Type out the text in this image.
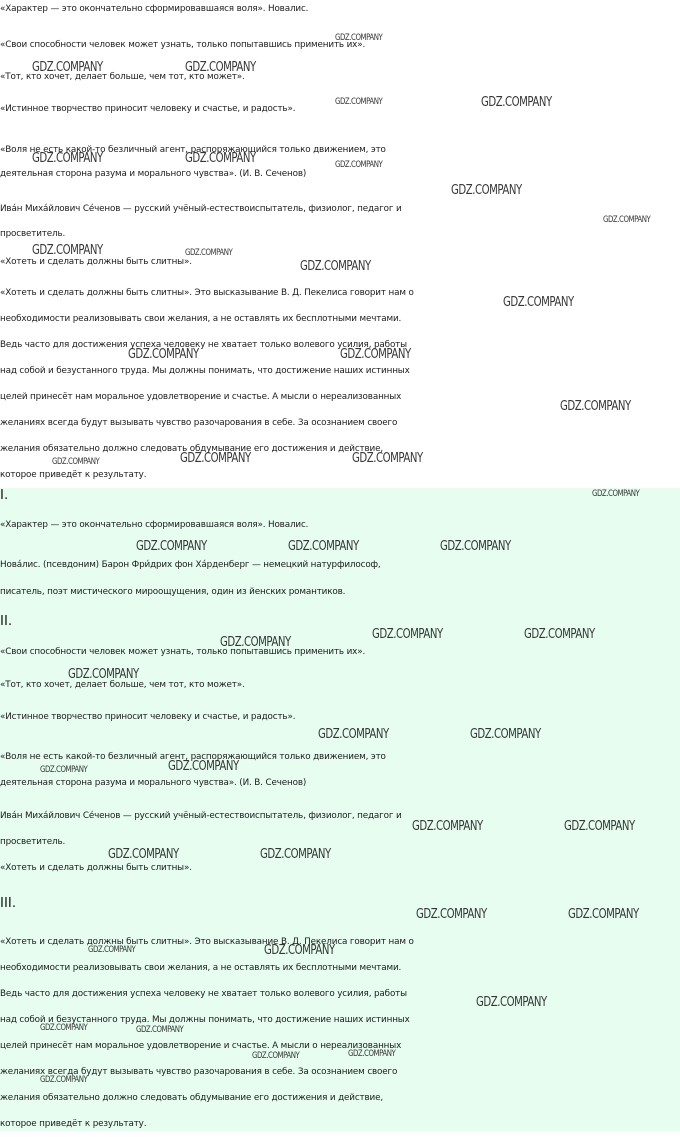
«Характер — это окончательно сформировавшаяся воля». Новалис.

«Свои способности человек может узнать, только попытавшись применить их».

«Тот, кто хочет, делает больше, чем тот, кто может».

«Истинное творчество приносит человеку и счастье, и радость».

«Воля не есть какой-то безличный агент, распоряжающийся только движением, это
деятельная сторона разума и морального чувства». (И. В. Сеченов)
Ива́н Миха́йлович Се́ченов — русский учёный-естествоиспытатель, физиолог, педагог и
просветитель.

«Хотеть и сделать должны быть слитны».

«Хотеть и сделать должны быть слитны». Это высказывание В. Д. Пекелиса говорит нам о
необходимости реализовывать свои желания, а не оставлять их бесплотными мечтами.
Ведь часто для достижения успеха человеку не хватает только волевого усилия, работы
над собой и безустанного труда. Мы должны понимать, что достижение наших истинных
целей принесёт нам моральное удовлетворение и счастье. А мысли о нереализованных
желаниях всегда будут вызывать чувство разочарования в себе. За осознанием своего
желания обязательно должно следовать обдумывание его достижения и действие,
которое приведёт к результату.

I.

«Характер — это окончательно сформировавшаяся воля». Новалис.

Нова́лис. (псевдоним) Барон Фри́дрих фон Ха́рденберг — немецкий натурфилософ,
писатель, поэт мистического мироощущения, один из йенских романтиков.

II.

«Свои способности человек может узнать, только попытавшись применить их».

«Тот, кто хочет, делает больше, чем тот, кто может».

«Истинное творчество приносит человеку и счастье, и радость».

«Воля не есть какой-то безличный агент, распоряжающийся только движением, это
деятельная сторона разума и морального чувства». (И. В. Сеченов)
Ива́н Миха́йлович Се́ченов — русский учёный-естествоиспытатель, физиолог, педагог и
просветитель.

«Хотеть и сделать должны быть слитны».

III.

«Хотеть и сделать должны быть слитны». Это высказывание В. Д. Пекелиса говорит нам о
необходимости реализовывать свои желания, а не оставлять их бесплотными мечтами.
Ведь часто для достижения успеха человеку не хватает только волевого усилия, работы
над собой и безустанного труда. Мы должны понимать, что достижение наших истинных
целей принесёт нам моральное удовлетворение и счастье. А мысли о нереализованных
желаниях всегда будут вызывать чувство разочарования в себе. За осознанием своего
желания обязательно должно следовать обдумывание его достижения и действие,
которое приведёт к результату.
GDZ.COMPANY
GDZ.COMPANY	GDZ.COMPANY
GDZ.COMPANY	GDZ.COMPANY
GDZ.COMPANY	GDZ.COMPANY	GDZ.COMPANY
GDZ.COMPANY
GDZ.COMPANY
GDZ.COMPANY	GDZ.COMPANY
GDZ.COMPANY
GDZ.COMPANY
GDZ.COMPANY	GDZ.COMPANY
GDZ.COMPANY
GDZ.COMPANY	GDZ.COMPANY	GDZ.COMPANY
GDZ.COMPANY
GDZ.COMPANY	GDZ.COMPANY	GDZ.COMPANY
GDZ.COMPANY
GDZ.COMPANY	GDZ.COMPANY
GDZ.COMPANY
GDZ.COMPANY	GDZ.COMPANY
GDZ.COMPANY	GDZ.COMPANY
GDZ.COMPANY	GDZ.COMPANY
GDZ.COMPANY	GDZ.COMPANY
GDZ.COMPANY	GDZ.COMPANY
GDZ.COMPANY	GDZ.COMPANY
GDZ.COMPANY
GDZ.COMPANY	GDZ.COMPANY
GDZ.COMPANY	GDZ.COMPANY
GDZ.COMPANY
